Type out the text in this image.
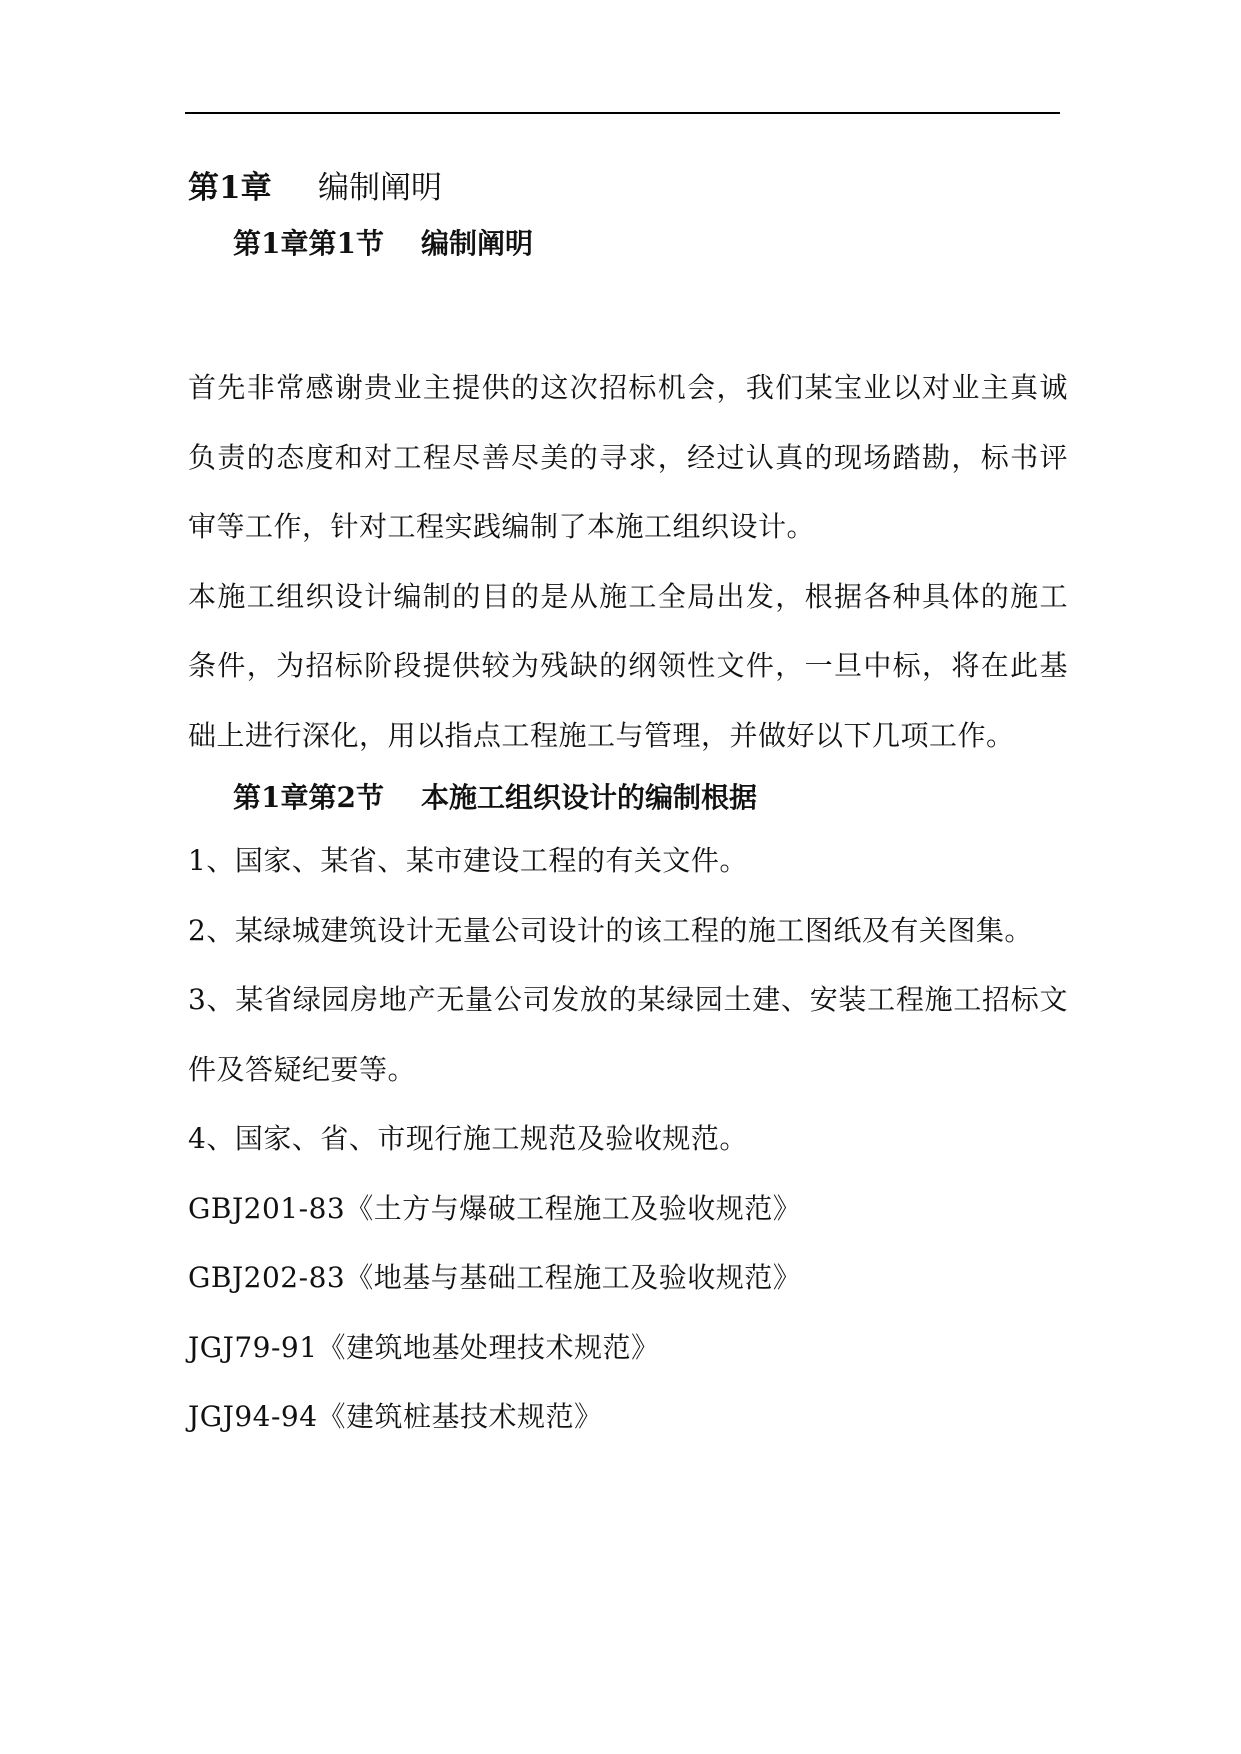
第1章 编制阐明
第1章第1节 编制阐明

首先非常感谢贵业主提供的这次招标机会，我们某宝业以对业主真诚负责的态度和对工程尽善尽美的寻求，经过认真的现场踏勘，标书评审等工作，针对工程实践编制了本施工组织设计。

本施工组织设计编制的目的是从施工全局出发，根据各种具体的施工条件，为招标阶段提供较为残缺的纲领性文件，一旦中标，将在此基础上进行深化，用以指点工程施工与管理，并做好以下几项工作。

第1章第2节 本施工组织设计的编制根据

1、国家、某省、某市建设工程的有关文件。

2、某绿城建筑设计无量公司设计的该工程的施工图纸及有关图集。

3、某省绿园房地产无量公司发放的某绿园土建、安装工程施工招标文件及答疑纪要等。

4、国家、省、市现行施工规范及验收规范。

GBJ201-83《土方与爆破工程施工及验收规范》

GBJ202-83《地基与基础工程施工及验收规范》

JGJ79-91《建筑地基处理技术规范》

JGJ94-94《建筑桩基技术规范》
